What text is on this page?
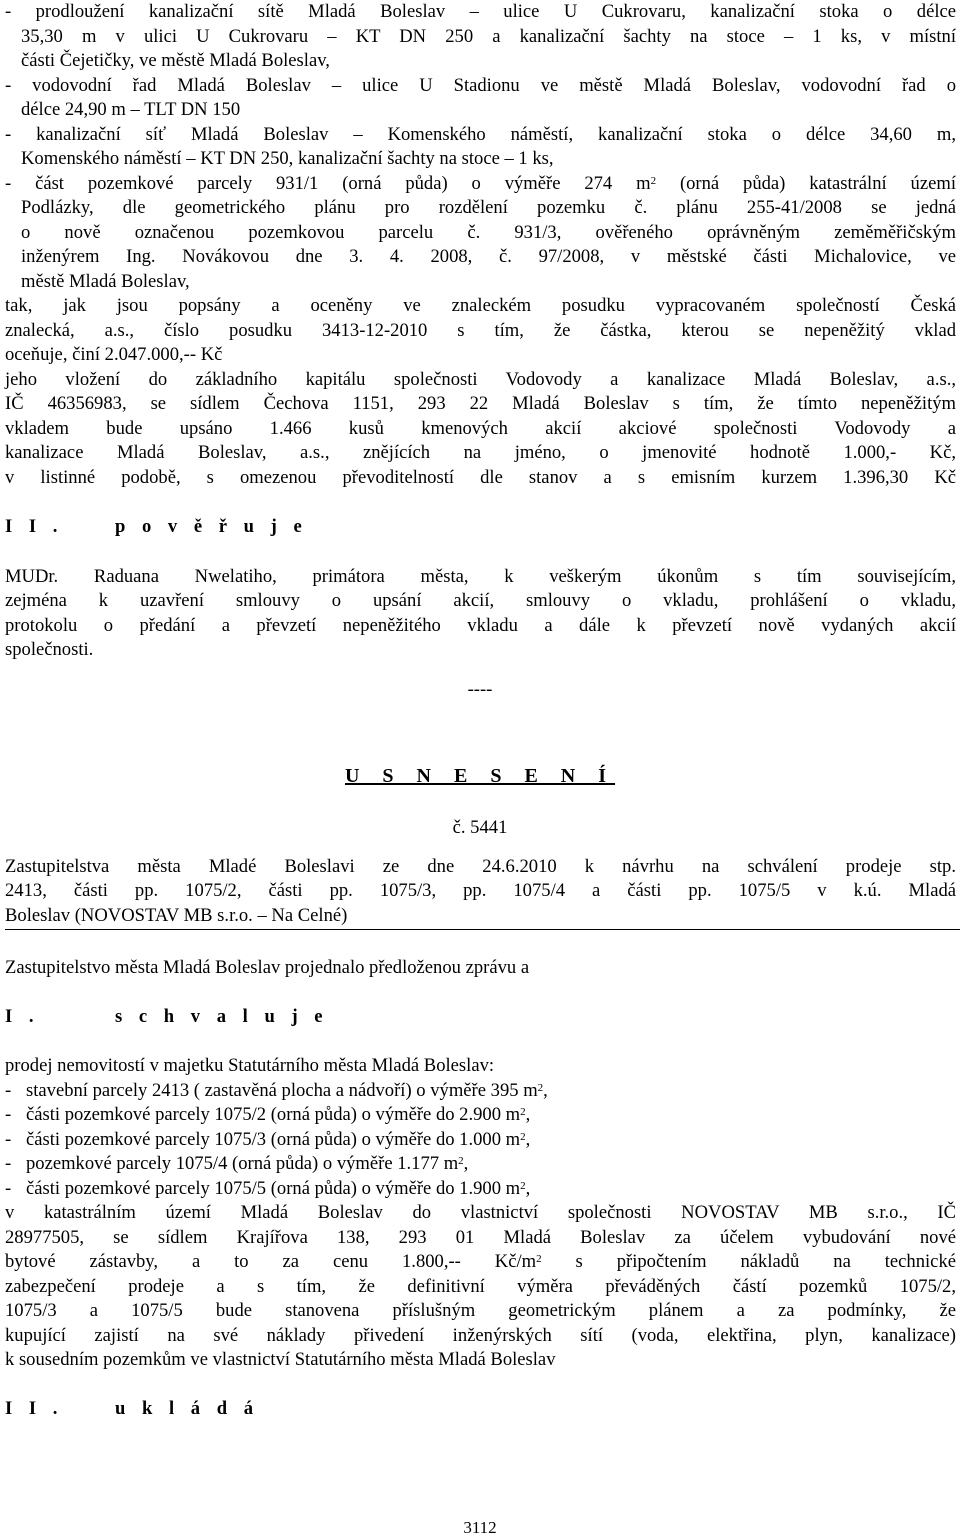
- prodloužení kanalizační sítě Mladá Boleslav – ulice U Cukrovaru, kanalizační stoka o délce
35,30 m v ulici U Cukrovaru – KT DN 250 a kanalizační šachty na stoce – 1 ks, v místní
části Čejetičky, ve městě Mladá Boleslav,
- vodovodní řad Mladá Boleslav – ulice U Stadionu ve městě Mladá Boleslav, vodovodní řad o
délce 24,90 m – TLT DN 150
- kanalizační síť Mladá Boleslav – Komenského náměstí, kanalizační stoka o délce 34,60 m,
Komenského náměstí – KT DN 250, kanalizační šachty na stoce – 1 ks,
- část pozemkové parcely 931/1 (orná půda) o výměře 274 $m^2$ (orná půda) katastrální území
Podlázky, dle geometrického plánu pro rozdělení pozemku č. plánu 255-41/2008 se jedná
o nově označenou pozemkovou parcelu č. 931/3, ověřeného oprávněným zeměměřičským
inženýrem Ing. Novákovou dne 3. 4. 2008, č. 97/2008, v městské části Michalovice, ve
městě Mladá Boleslav,
tak, jak jsou popsány a oceněny ve znaleckém posudku vypracovaném společností Česká
znalecká, a.s., číslo posudku 3413-12-2010 s tím, že částka, kterou se nepeněžitý vklad
oceňuje, činí 2.047.000,-- Kč
jeho vložení do základního kapitálu společnosti Vodovody a kanalizace Mladá Boleslav, a.s.,
IČ 46356983, se sídlem Čechova 1151, 293 22 Mladá Boleslav s tím, že tímto nepeněžitým
vkladem bude upsáno 1.466 kusů kmenových akcií akciové společnosti Vodovody a
kanalizace Mladá Boleslav, a.s., znějících na jméno, o jmenovité hodnotě 1.000,- Kč,
v listinné podobě, s omezenou převoditelností dle stanov a s emisním kurzem 1.396,30 Kč
I I .	p o v ě ř u j e
MUDr. Raduana Nwelatiho, primátora města, k veškerým úkonům s tím souvisejícím,
zejména k uzavření smlouvy o upsání akcií, smlouvy o vkladu, prohlášení o vkladu,
protokolu o předání a převzetí nepeněžitého vkladu a dále k převzetí nově vydaných akcií
společnosti.
----
U S N E S E N Í
č. 5441
Zastupitelstva města Mladé Boleslavi ze dne 24.6.2010 k návrhu na schválení prodeje stp.
2413, části pp. 1075/2, části pp. 1075/3, pp. 1075/4 a části pp. 1075/5 v k.ú. Mladá
Boleslav (NOVOSTAV MB s.r.o. – Na Celné)
Zastupitelstvo města Mladá Boleslav projednalo předloženou zprávu a
I .	s c h v a l u j e
prodej nemovitostí v majetku Statutárního města Mladá Boleslav:
- stavební parcely 2413 ( zastavěná plocha a nádvoří) o výměře 395 $m^2$,
- části pozemkové parcely 1075/2 (orná půda) o výměře do 2.900 $m^2$,
- části pozemkové parcely 1075/3 (orná půda) o výměře do 1.000 $m^2$,
- pozemkové parcely 1075/4 (orná půda) o výměře 1.177 $m^2$,
- části pozemkové parcely 1075/5 (orná půda) o výměře do 1.900 $m^2$,
v katastrálním území Mladá Boleslav do vlastnictví společnosti NOVOSTAV MB s.r.o., IČ
28977505, se sídlem Krajířova 138, 293 01 Mladá Boleslav za účelem vybudování nové
bytové zástavby, a to za cenu 1.800,-- $Kč/m^2$ s připočtením nákladů na technické
zabezpečení prodeje a s tím, že definitivní výměra převáděných částí pozemků 1075/2,
1075/3 a 1075/5 bude stanovena příslušným geometrickým plánem a za podmínky, že
kupující zajistí na své náklady přivedení inženýrských sítí (voda, elektřina, plyn, kanalizace)
k sousedním pozemkům ve vlastnictví Statutárního města Mladá Boleslav
I I .	u k l á d á
3112
